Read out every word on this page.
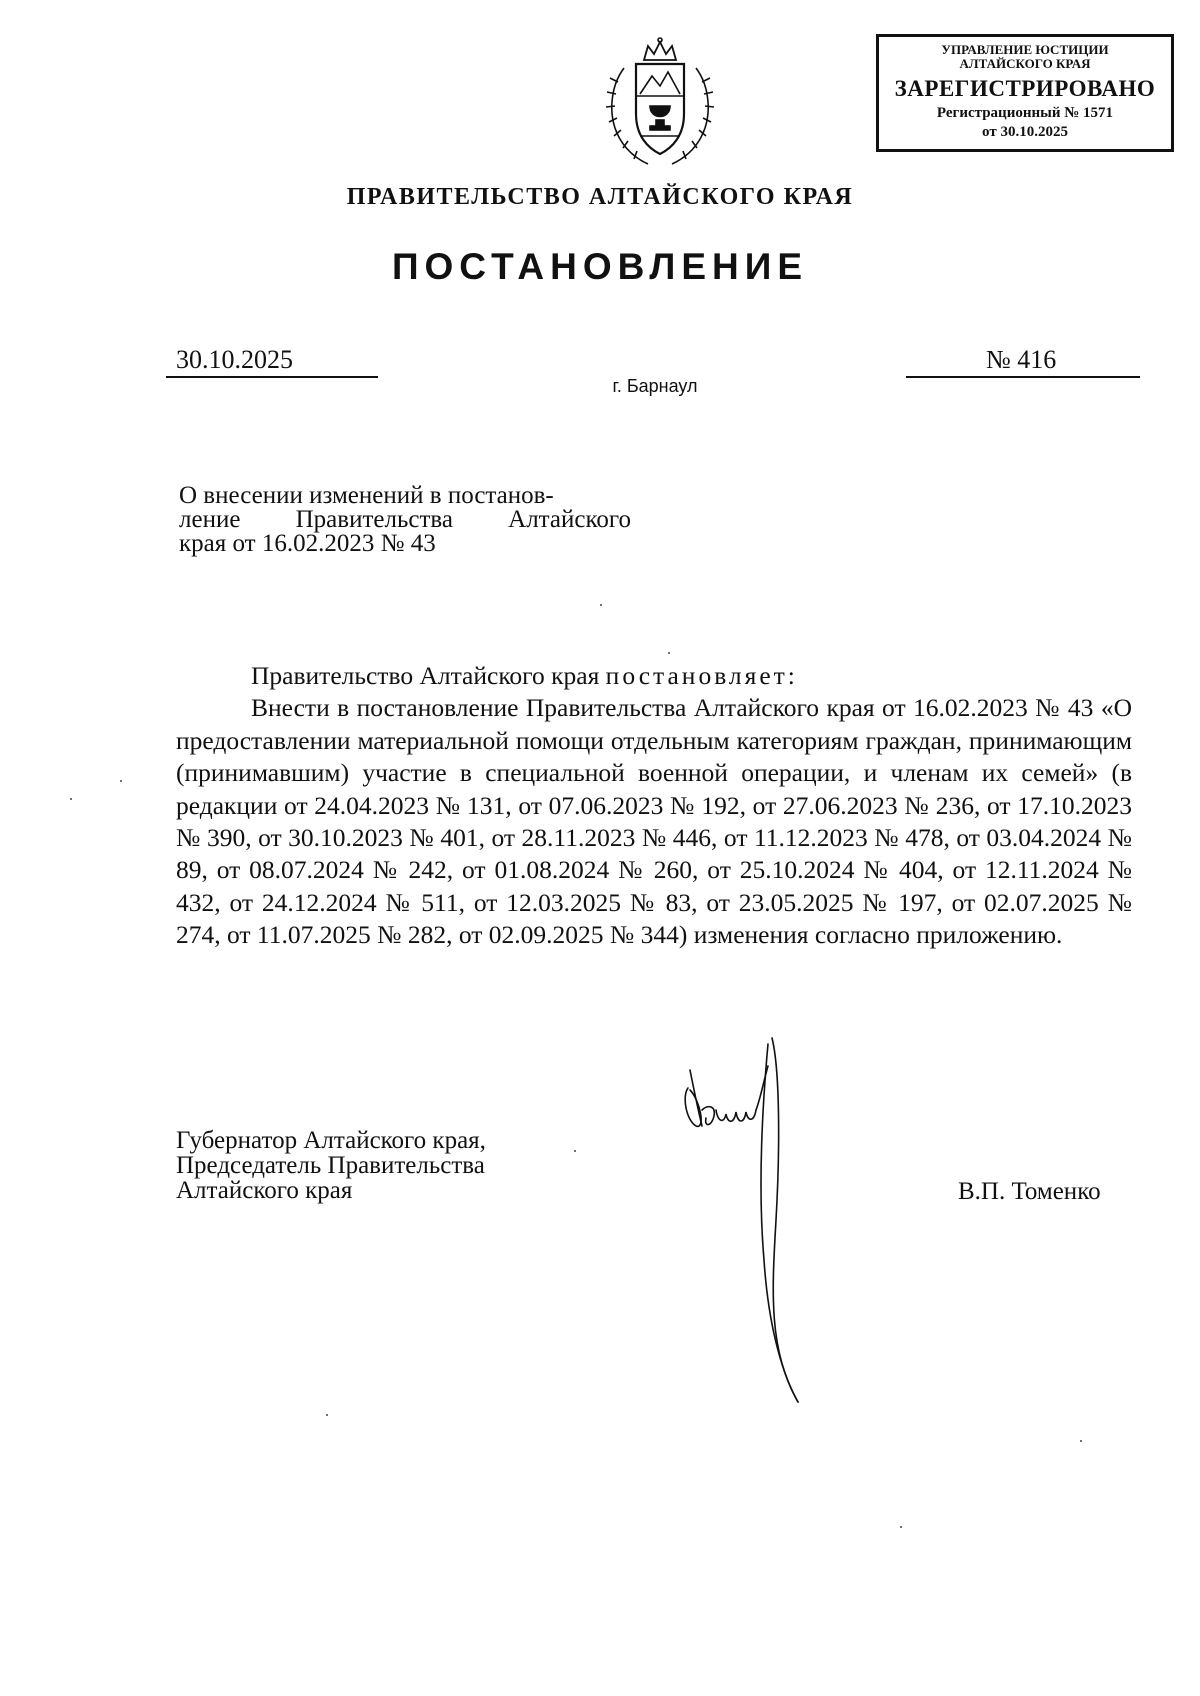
УПРАВЛЕНИЕ ЮСТИЦИИ
АЛТАЙСКОГО КРАЯ
ЗАРЕГИСТРИРОВАНО
Регистрационный № 1571
от 30.10.2025
ПРАВИТЕЛЬСТВО АЛТАЙСКОГО КРАЯ
ПОСТАНОВЛЕНИЕ
30.10.2025	№ 416
г. Барнаул
О внесении изменений в постанов-
ление Правительства Алтайского
края от 16.02.2023 № 43

Правительство Алтайского края постановляет:

Внести в постановление Правительства Алтайского края от 16.02.2023 № 43 «О предоставлении материальной помощи отдельным категориям граждан, принимающим (принимавшим) участие в специальной военной операции, и членам их семей» (в редакции от 24.04.2023 № 131, от 07.06.2023 № 192, от 27.06.2023 № 236, от 17.10.2023 № 390, от 30.10.2023 № 401, от 28.11.2023 № 446, от 11.12.2023 № 478, от 03.04.2024 № 89, от 08.07.2024 № 242, от 01.08.2024 № 260, от 25.10.2024 № 404, от 12.11.2024 № 432, от 24.12.2024 № 511, от 12.03.2025 № 83, от 23.05.2025 № 197, от 02.07.2025 № 274, от 11.07.2025 № 282, от 02.09.2025 № 344) изменения согласно приложению.

Губернатор Алтайского края,
Председатель Правительства
Алтайского края	В.П. Томенко
